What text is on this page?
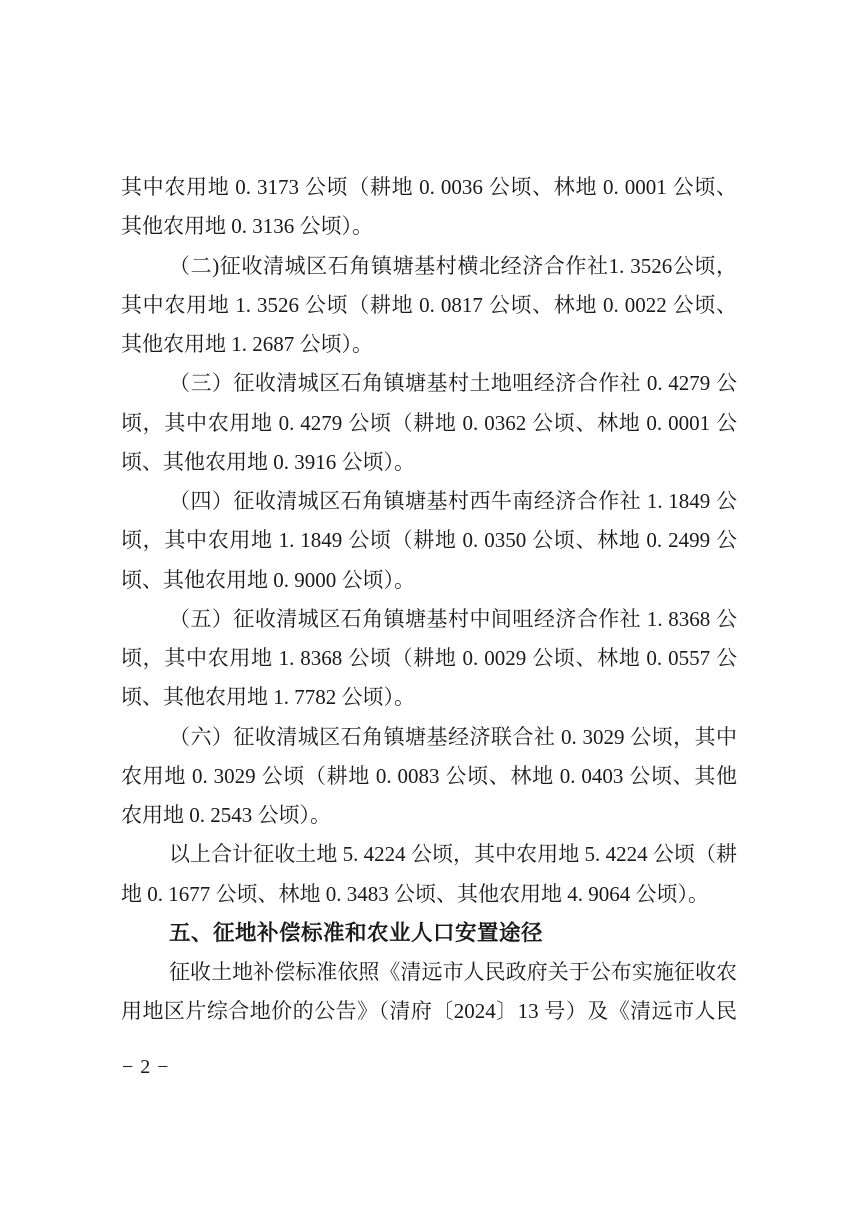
其中农用地 0. 3173 公顷（耕地 0. 0036 公顷、林地 0. 0001 公顷、
其他农用地 0. 3136 公顷）。
（二)征收清城区石角镇塘基村横北经济合作社1. 3526公顷，
其中农用地 1. 3526 公顷（耕地 0. 0817 公顷、林地 0. 0022 公顷、
其他农用地 1. 2687 公顷）。
（三）征收清城区石角镇塘基村土地咀经济合作社 0. 4279 公
顷，其中农用地 0. 4279 公顷（耕地 0. 0362 公顷、林地 0. 0001 公
顷、其他农用地 0. 3916 公顷）。
（四）征收清城区石角镇塘基村西牛南经济合作社 1. 1849 公
顷，其中农用地 1. 1849 公顷（耕地 0. 0350 公顷、林地 0. 2499 公
顷、其他农用地 0. 9000 公顷）。
（五）征收清城区石角镇塘基村中间咀经济合作社 1. 8368 公
顷，其中农用地 1. 8368 公顷（耕地 0. 0029 公顷、林地 0. 0557 公
顷、其他农用地 1. 7782 公顷）。
（六）征收清城区石角镇塘基经济联合社 0. 3029 公顷，其中
农用地 0. 3029 公顷（耕地 0. 0083 公顷、林地 0. 0403 公顷、其他
农用地 0. 2543 公顷）。
以上合计征收土地 5. 4224 公顷，其中农用地 5. 4224 公顷（耕
地 0. 1677 公顷、林地 0. 3483 公顷、其他农用地 4. 9064 公顷）。
五、征地补偿标准和农业人口安置途径
征收土地补偿标准依照《清远市人民政府关于公布实施征收农
用地区片综合地价的公告》（清府〔2024〕13 号）及《清远市人民
− 2 −
